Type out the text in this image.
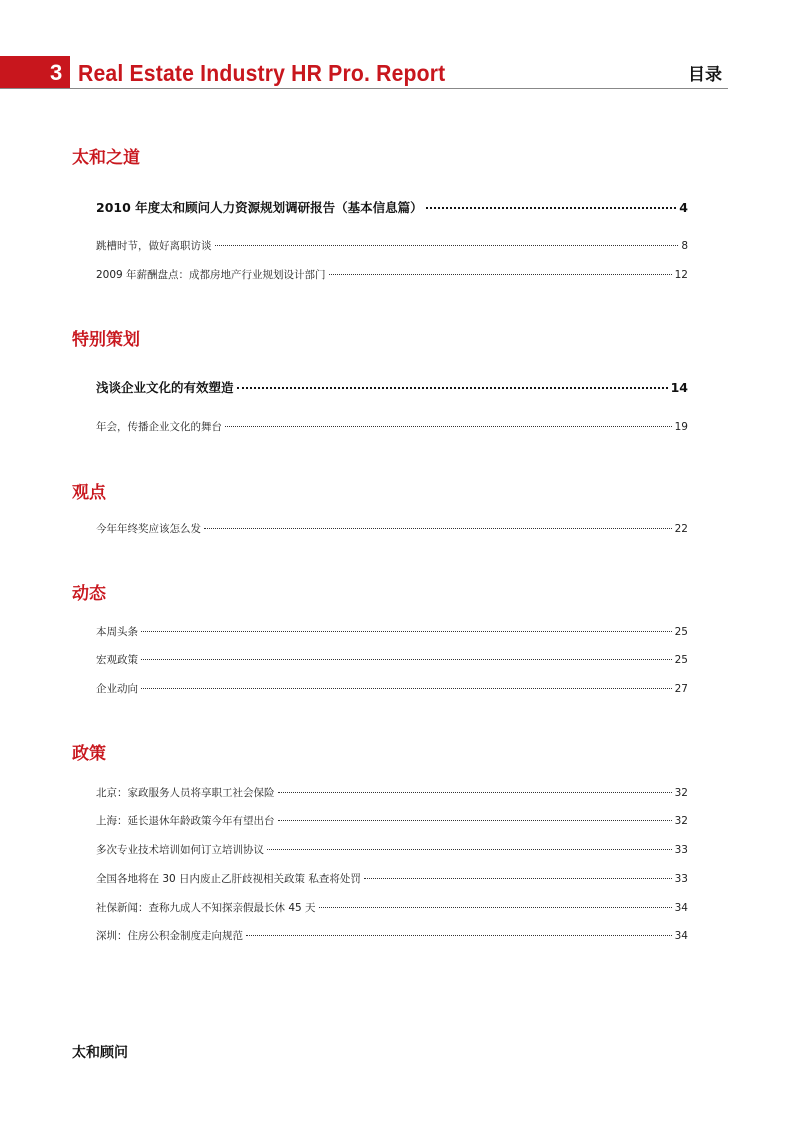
3 Real Estate Industry HR Pro. Report	目录
太和之道
2010 年度太和顾问人力资源规划调研报告（基本信息篇）	4
跳槽时节，做好离职访谈	8
2009 年薪酬盘点：成都房地产行业规划设计部门	12
特别策划
浅谈企业文化的有效塑造	14
年会，传播企业文化的舞台	19
观点
今年年终奖应该怎么发	22
动态
本周头条	25
宏观政策	25
企业动向	27
政策
北京：家政服务人员将享职工社会保险	32
上海：延长退休年龄政策今年有望出台	32
多次专业技术培训如何订立培训协议	33
全国各地将在 30 日内废止乙肝歧视相关政策 私查将处罚	33
社保新闻：查称九成人不知探亲假最长休 45 天	34
深圳：住房公积金制度走向规范	34
太和顾问
